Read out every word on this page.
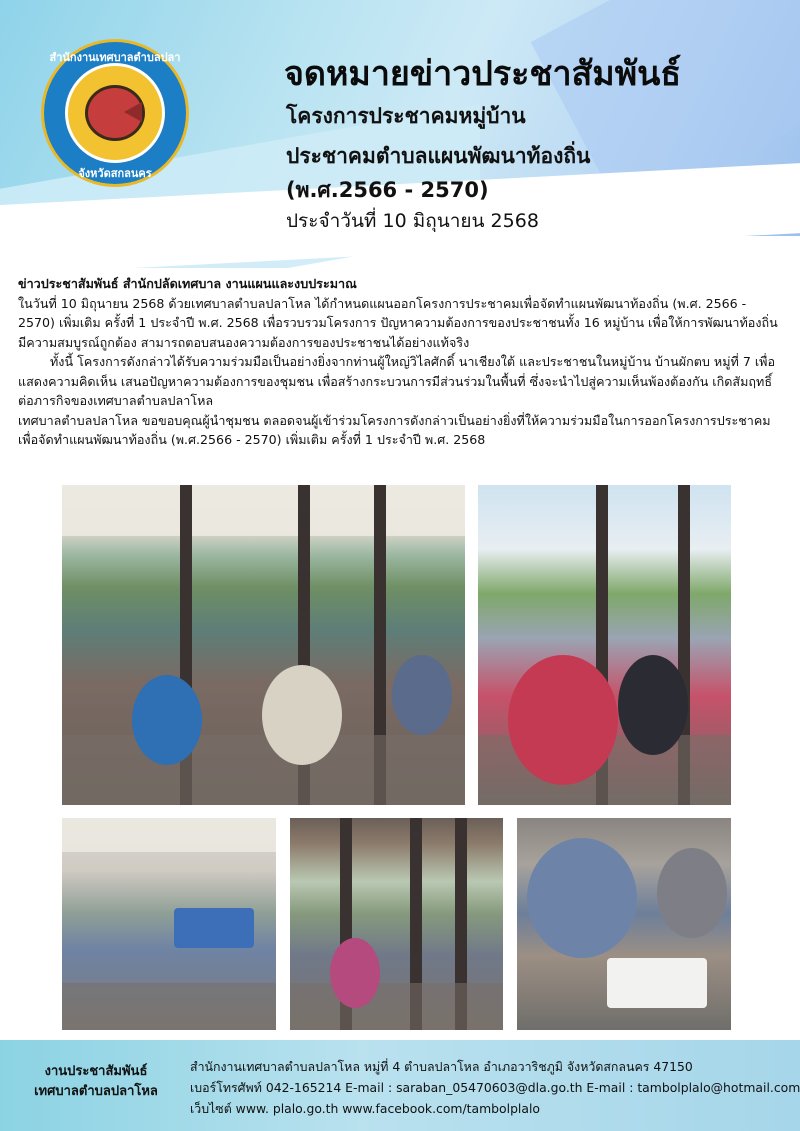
สำนักงานเทศบาลตำบลปลา
จังหวัดสกลนคร
จดหมายข่าวประชาสัมพันธ์
โครงการประชาคมหมู่บ้าน
ประชาคมตำบลแผนพัฒนาท้องถิ่น
(พ.ศ.2566 - 2570)
ประจำวันที่ 10 มิถุนายน 2568
ข่าวประชาสัมพันธ์ สำนักปลัดเทศบาล งานแผนและงบประมาณ

ในวันที่ 10 มิถุนายน 2568 ด้วยเทศบาลตำบลปลาโหล ได้กำหนดแผนออกโครงการประชาคมเพื่อจัดทำแผนพัฒนาท้องถิ่น (พ.ศ. 2566 - 2570) เพิ่มเติม ครั้งที่ 1 ประจำปี พ.ศ. 2568 เพื่อรวบรวมโครงการ ปัญหาความต้องการของประชาชนทั้ง 16 หมู่บ้าน เพื่อให้การพัฒนาท้องถิ่นมีความสมบูรณ์ถูกต้อง สามารถตอบสนองความต้องการของประชาชนได้อย่างแท้จริง

ทั้งนี้ โครงการดังกล่าวได้รับความร่วมมือเป็นอย่างยิ่งจากท่านผู้ใหญ่วิไลศักดิ์ นาเชียงใต้ และประชาชนในหมู่บ้าน บ้านผักตบ หมู่ที่ 7 เพื่อแสดงความคิดเห็น เสนอปัญหาความต้องการของชุมชน เพื่อสร้างกระบวนการมีส่วนร่วมในพื้นที่ ซึ่งจะนำไปสู่ความเห็นพ้องต้องกัน เกิดสัมฤทธิ์ต่อภารกิจของเทศบาลตำบลปลาโหล

เทศบาลตำบลปลาโหล ขอขอบคุณผู้นำชุมชน ตลอดจนผู้เข้าร่วมโครงการดังกล่าวเป็นอย่างยิ่งที่ให้ความร่วมมือในการออกโครงการประชาคมเพื่อจัดทำแผนพัฒนาท้องถิ่น (พ.ศ.2566 - 2570) เพิ่มเติม ครั้งที่ 1 ประจำปี พ.ศ. 2568

งานประชาสัมพันธ์
เทศบาลตำบลปลาโหล
สำนักงานเทศบาลตำบลปลาโหล หมู่ที่ 4 ตำบลปลาโหล อำเภอวาริชภูมิ จังหวัดสกลนคร 47150
เบอร์โทรศัพท์ 042-165214 E-mail : saraban_05470603@dla.go.th E-mail : tambolplalo@hotmail.com
เว็บไซต์ www. plalo.go.th www.facebook.com/tambolplalo
